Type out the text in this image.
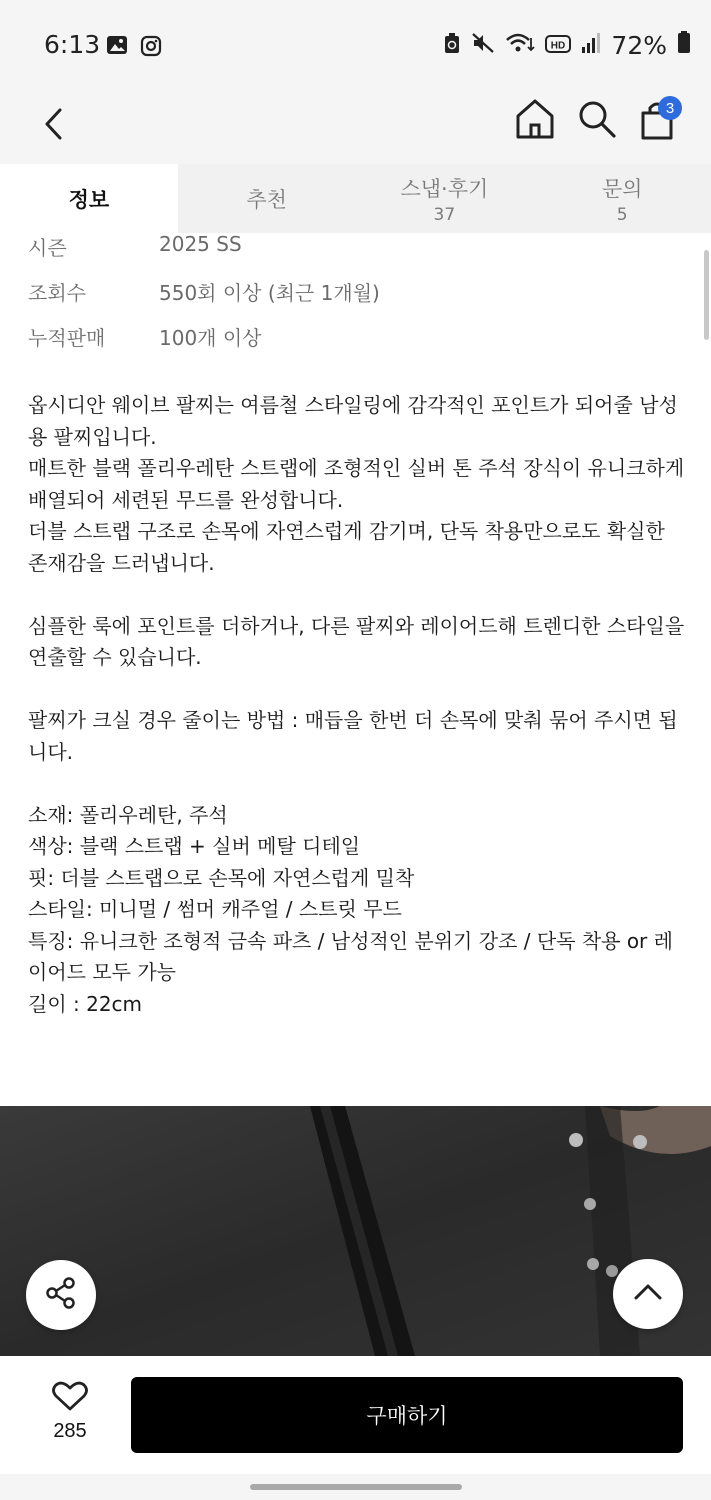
6:13	HD 72%
3
정보	추천	스냅·후기
37
문의
5
시즌	2025 SS
조회수	550회 이상 (최근 1개월)
누적판매	100개 이상

옵시디안 웨이브 팔찌는 여름철 스타일링에 감각적인 포인트가 되어줄 남성

용 팔찌입니다.

매트한 블랙 폴리우레탄 스트랩에 조형적인 실버 톤 주석 장식이 유니크하게

배열되어 세련된 무드를 완성합니다.

더블 스트랩 구조로 손목에 자연스럽게 감기며, 단독 착용만으로도 확실한

존재감을 드러냅니다.

심플한 룩에 포인트를 더하거나, 다른 팔찌와 레이어드해 트렌디한 스타일을

연출할 수 있습니다.

팔찌가 크실 경우 줄이는 방법 : 매듭을 한번 더 손목에 맞춰 묶어 주시면 됩

니다.

소재: 폴리우레탄, 주석

색상: 블랙 스트랩 + 실버 메탈 디테일

핏: 더블 스트랩으로 손목에 자연스럽게 밀착

스타일: 미니멀 / 썸머 캐주얼 / 스트릿 무드

특징: 유니크한 조형적 금속 파츠 / 남성적인 분위기 강조 / 단독 착용 or 레

이어드 모두 가능

길이 : 22cm

285
구매하기
